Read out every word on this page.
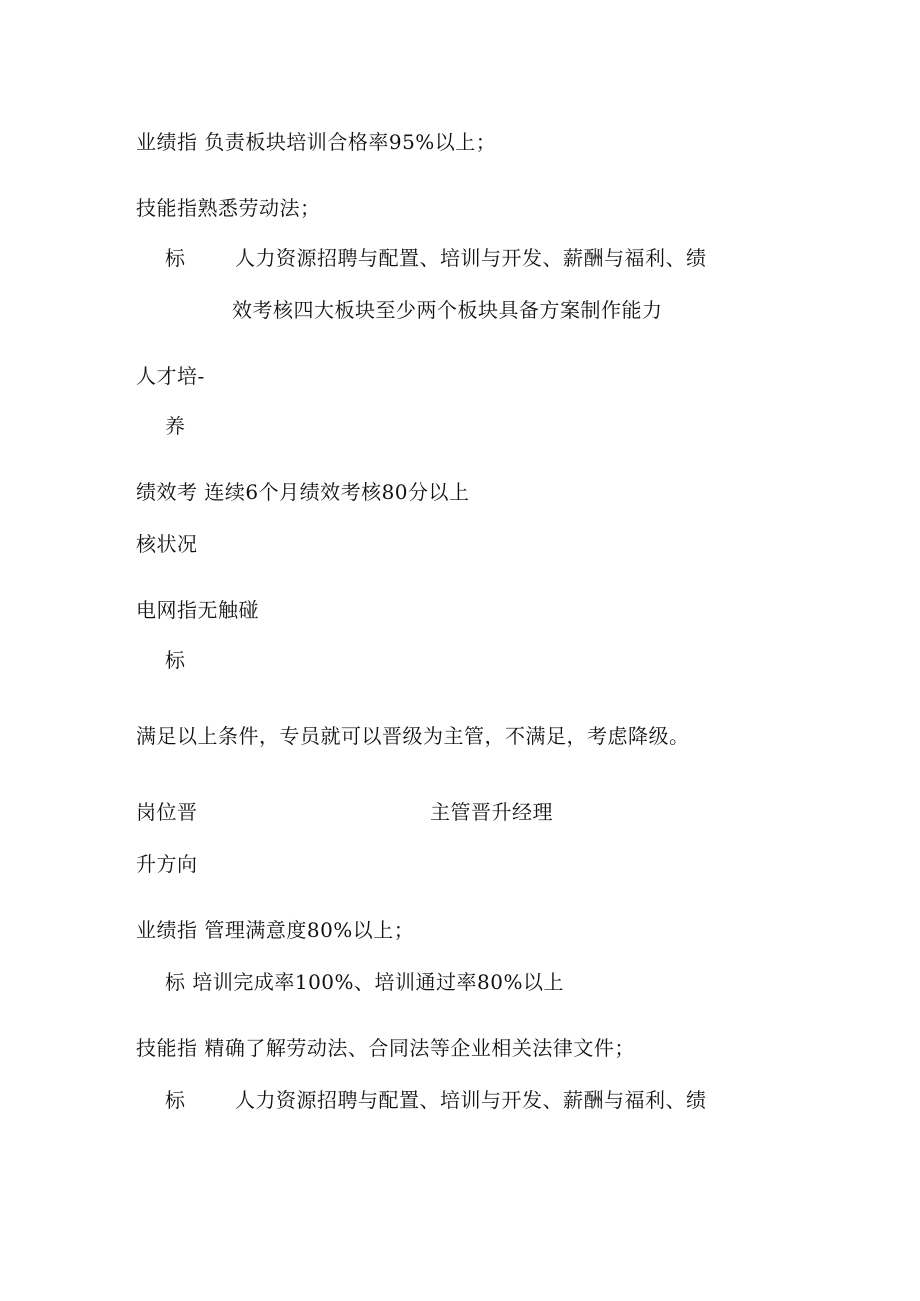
业绩指 负责板块培训合格率95%以上；
技能指熟悉劳动法；
标 人力资源招聘与配置、培训与开发、薪酬与福利、绩
效考核四大板块至少两个板块具备方案制作能力
人才培-
养
绩效考 连续6个月绩效考核80分以上
核状况
电网指无触碰
标
满足以上条件，专员就可以晋级为主管，不满足，考虑降级。
岗位晋	主管晋升经理
升方向
业绩指 管理满意度80%以上；
标 培训完成率100%、培训通过率80%以上
技能指 精确了解劳动法、合同法等企业相关法律文件；
标 人力资源招聘与配置、培训与开发、薪酬与福利、绩
